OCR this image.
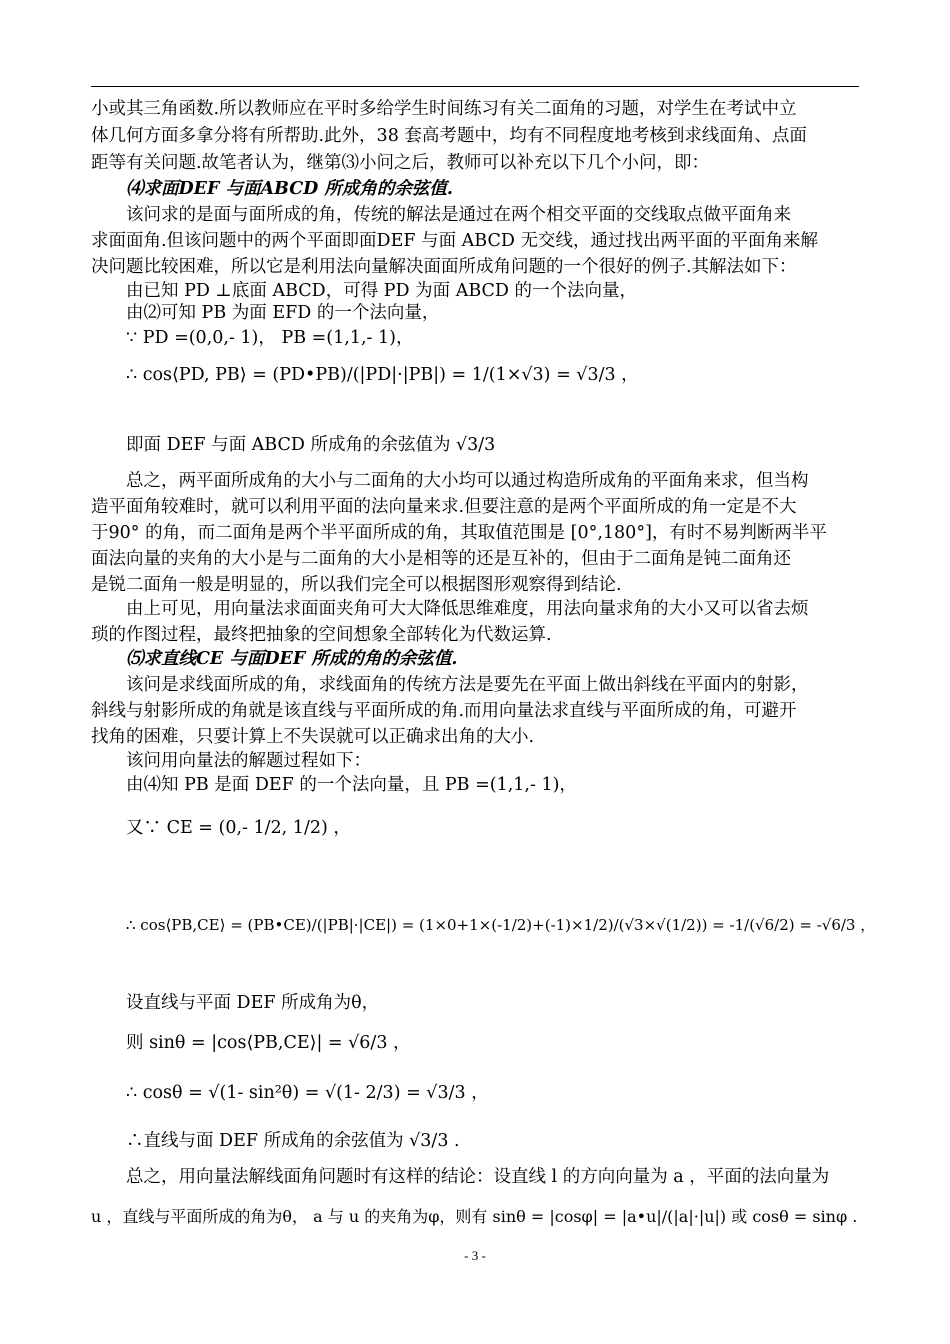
小或其三角函数.所以教师应在平时多给学生时间练习有关二面角的习题，对学生在考试中立
体几何方面多拿分将有所帮助.此外，38 套高考题中，均有不同程度地考核到求线面角、点面
距等有关问题.故笔者认为，继第⑶小问之后，教师可以补充以下几个小问，即：
⑷求面DEF 与面ABCD 所成角的余弦值.
该问求的是面与面所成的角，传统的解法是通过在两个相交平面的交线取点做平面角来
求面面角.但该问题中的两个平面即面DEF 与面 ABCD 无交线，通过找出两平面的平面角来解
决问题比较困难，所以它是利用法向量解决面面所成角问题的一个很好的例子.其解法如下：
由已知 PD ⊥底面 ABCD，可得 PD 为面 ABCD 的一个法向量，
由⑵可知 PB 为面 EFD 的一个法向量，
∵ PD =(0,0,- 1)， PB =(1,1,- 1)，
∴ cos⟨PD, PB⟩ = (PD•PB)/(|PD|·|PB|) = 1/(1×√3) = √3/3 ，
即面 DEF 与面 ABCD 所成角的余弦值为 √3/3
总之，两平面所成角的大小与二面角的大小均可以通过构造所成角的平面角来求，但当构
造平面角较难时，就可以利用平面的法向量来求.但要注意的是两个平面所成的角一定是不大
于90° 的角，而二面角是两个半平面所成的角，其取值范围是 [0°,180°]，有时不易判断两半平
面法向量的夹角的大小是与二面角的大小是相等的还是互补的，但由于二面角是钝二面角还
是锐二面角一般是明显的，所以我们完全可以根据图形观察得到结论.
由上可见，用向量法求面面夹角可大大降低思维难度，用法向量求角的大小又可以省去烦
琐的作图过程，最终把抽象的空间想象全部转化为代数运算.
⑸求直线CE 与面DEF 所成的角的余弦值.
该问是求线面所成的角，求线面角的传统方法是要先在平面上做出斜线在平面内的射影，
斜线与射影所成的角就是该直线与平面所成的角.而用向量法求直线与平面所成的角，可避开
找角的困难，只要计算上不失误就可以正确求出角的大小.
该问用向量法的解题过程如下：
由⑷知 PB 是面 DEF 的一个法向量，且 PB =(1,1,- 1)，
又∵ CE = (0,- 1/2, 1/2) ，
∴ cos⟨PB,CE⟩ = (PB•CE)/(|PB|·|CE|) = (1×0+1×(-1/2)+(-1)×1/2)/(√3×√(1/2)) = -1/(√6/2) = -√6/3 ，
设直线与平面 DEF 所成角为θ，
则 sinθ = |cos⟨PB,CE⟩| = √6/3 ，
∴ cosθ = √(1- sin²θ) = √(1- 2/3) = √3/3 ，
∴直线与面 DEF 所成角的余弦值为 √3/3 .
总之，用向量法解线面角问题时有这样的结论：设直线 l 的方向向量为 a ，平面的法向量为
u ，直线与平面所成的角为θ， a 与 u 的夹角为φ，则有 sinθ = |cosφ| = |a•u|/(|a|·|u|) 或 cosθ = sinφ .
- 3 -
